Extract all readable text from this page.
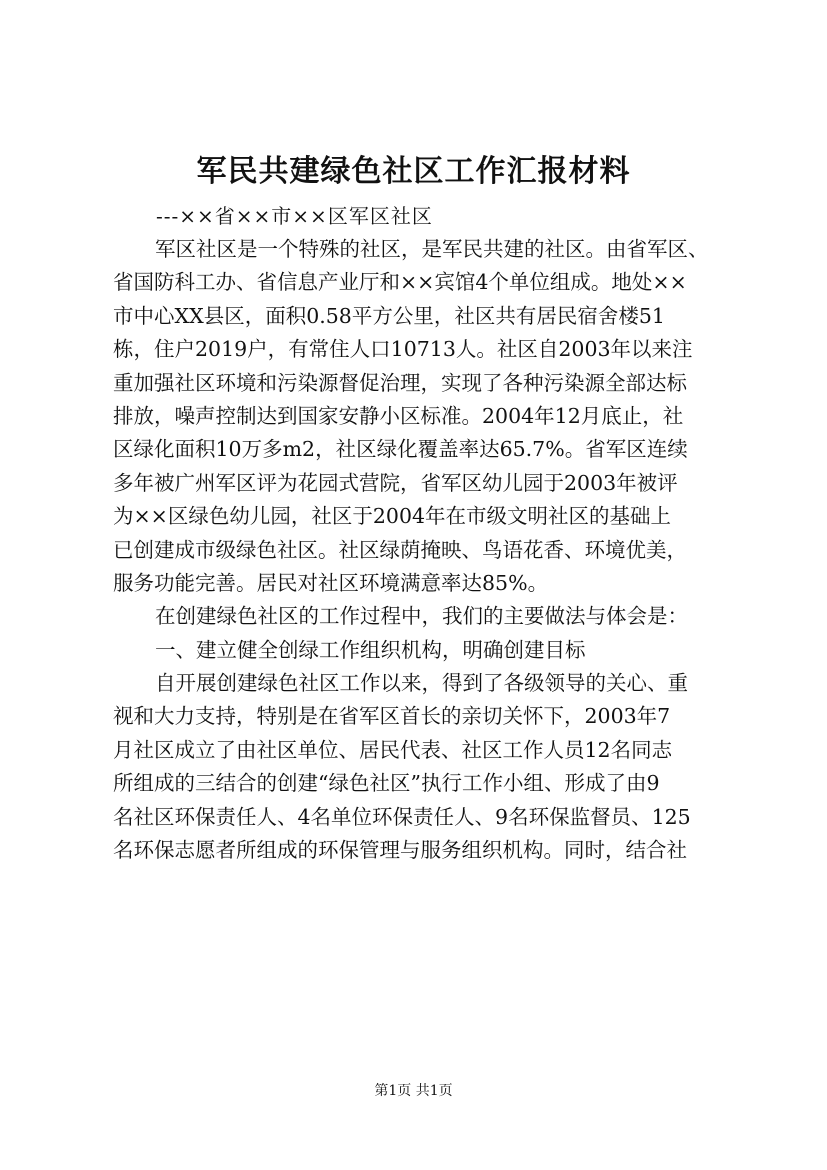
军民共建绿色社区工作汇报材料
---××省××市××区军区社区
军区社区是一个特殊的社区，是军民共建的社区。由省军区、
省国防科工办、省信息产业厅和××宾馆4个单位组成。地处××
市中心XX县区，面积0.58平方公里，社区共有居民宿舍楼51
栋，住户2019户，有常住人口10713人。社区自2003年以来注
重加强社区环境和污染源督促治理，实现了各种污染源全部达标
排放，噪声控制达到国家安静小区标准。2004年12月底止，社
区绿化面积10万多m2，社区绿化覆盖率达65.7%。省军区连续
多年被广州军区评为花园式营院，省军区幼儿园于2003年被评
为××区绿色幼儿园，社区于2004年在市级文明社区的基础上
已创建成市级绿色社区。社区绿荫掩映、鸟语花香、环境优美，
服务功能完善。居民对社区环境满意率达85%。
在创建绿色社区的工作过程中，我们的主要做法与体会是：
一、建立健全创绿工作组织机构，明确创建目标
自开展创建绿色社区工作以来，得到了各级领导的关心、重
视和大力支持，特别是在省军区首长的亲切关怀下，2003年7
月社区成立了由社区单位、居民代表、社区工作人员12名同志
所组成的三结合的创建“绿色社区”执行工作小组、形成了由9
名社区环保责任人、4名单位环保责任人、9名环保监督员、125
名环保志愿者所组成的环保管理与服务组织机构。同时，结合社
第1页 共1页
